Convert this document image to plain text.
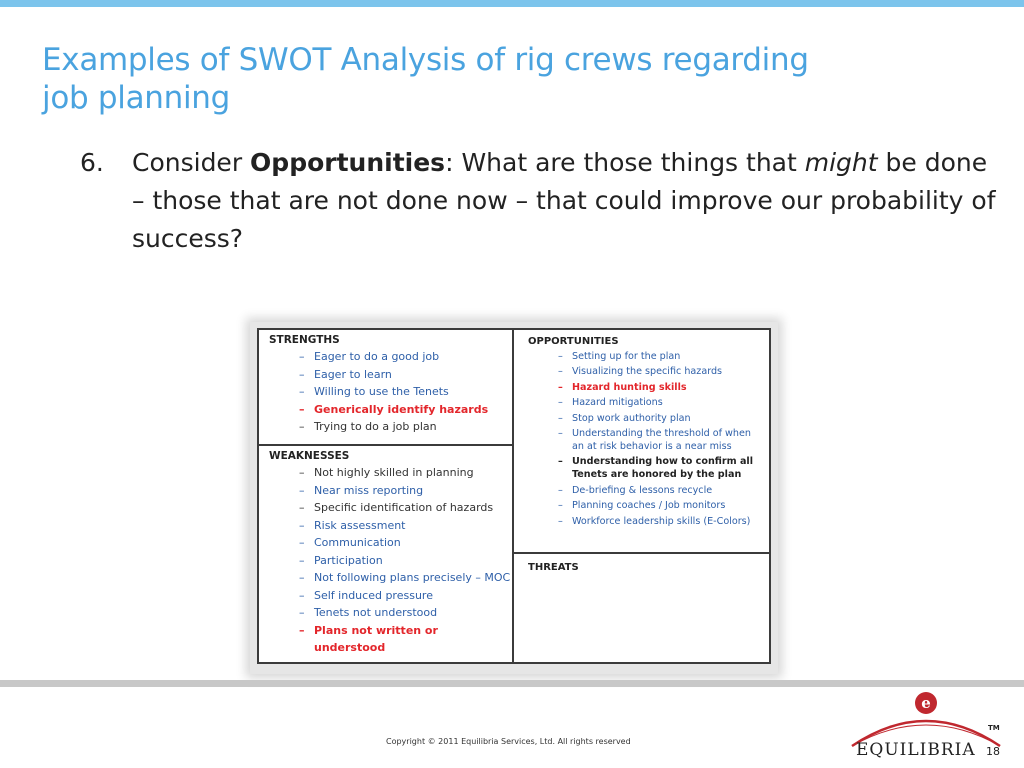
Examples of SWOT Analysis of rig crews regarding
job planning
6. Consider Opportunities: What are those things that might be done – those that are not done now – that could improve our probability of success?
STRENGTHS
– Eager to do a good job
– Eager to learn
– Willing to use the Tenets
– Generically identify hazards
– Trying to do a job plan
WEAKNESSES
– Not highly skilled in planning
– Near miss reporting
– Specific identification of hazards
– Risk assessment
– Communication
– Participation
– Not following plans precisely – MOC
– Self induced pressure
– Tenets not understood
– Plans not written or understood
OPPORTUNITIES
– Setting up for the plan
– Visualizing the specific hazards
– Hazard hunting skills
– Hazard mitigations
– Stop work authority plan
– Understanding the threshold of when an at risk behavior is a near miss
– Understanding how to confirm all Tenets are honored by the plan
– De-briefing & lessons recycle
– Planning coaches / Job monitors
– Workforce leadership skills (E-Colors)
THREATS
Copyright © 2011 Equilibria Services, Ltd. All rights reserved
e
EQUILIBRIA
TM
18
